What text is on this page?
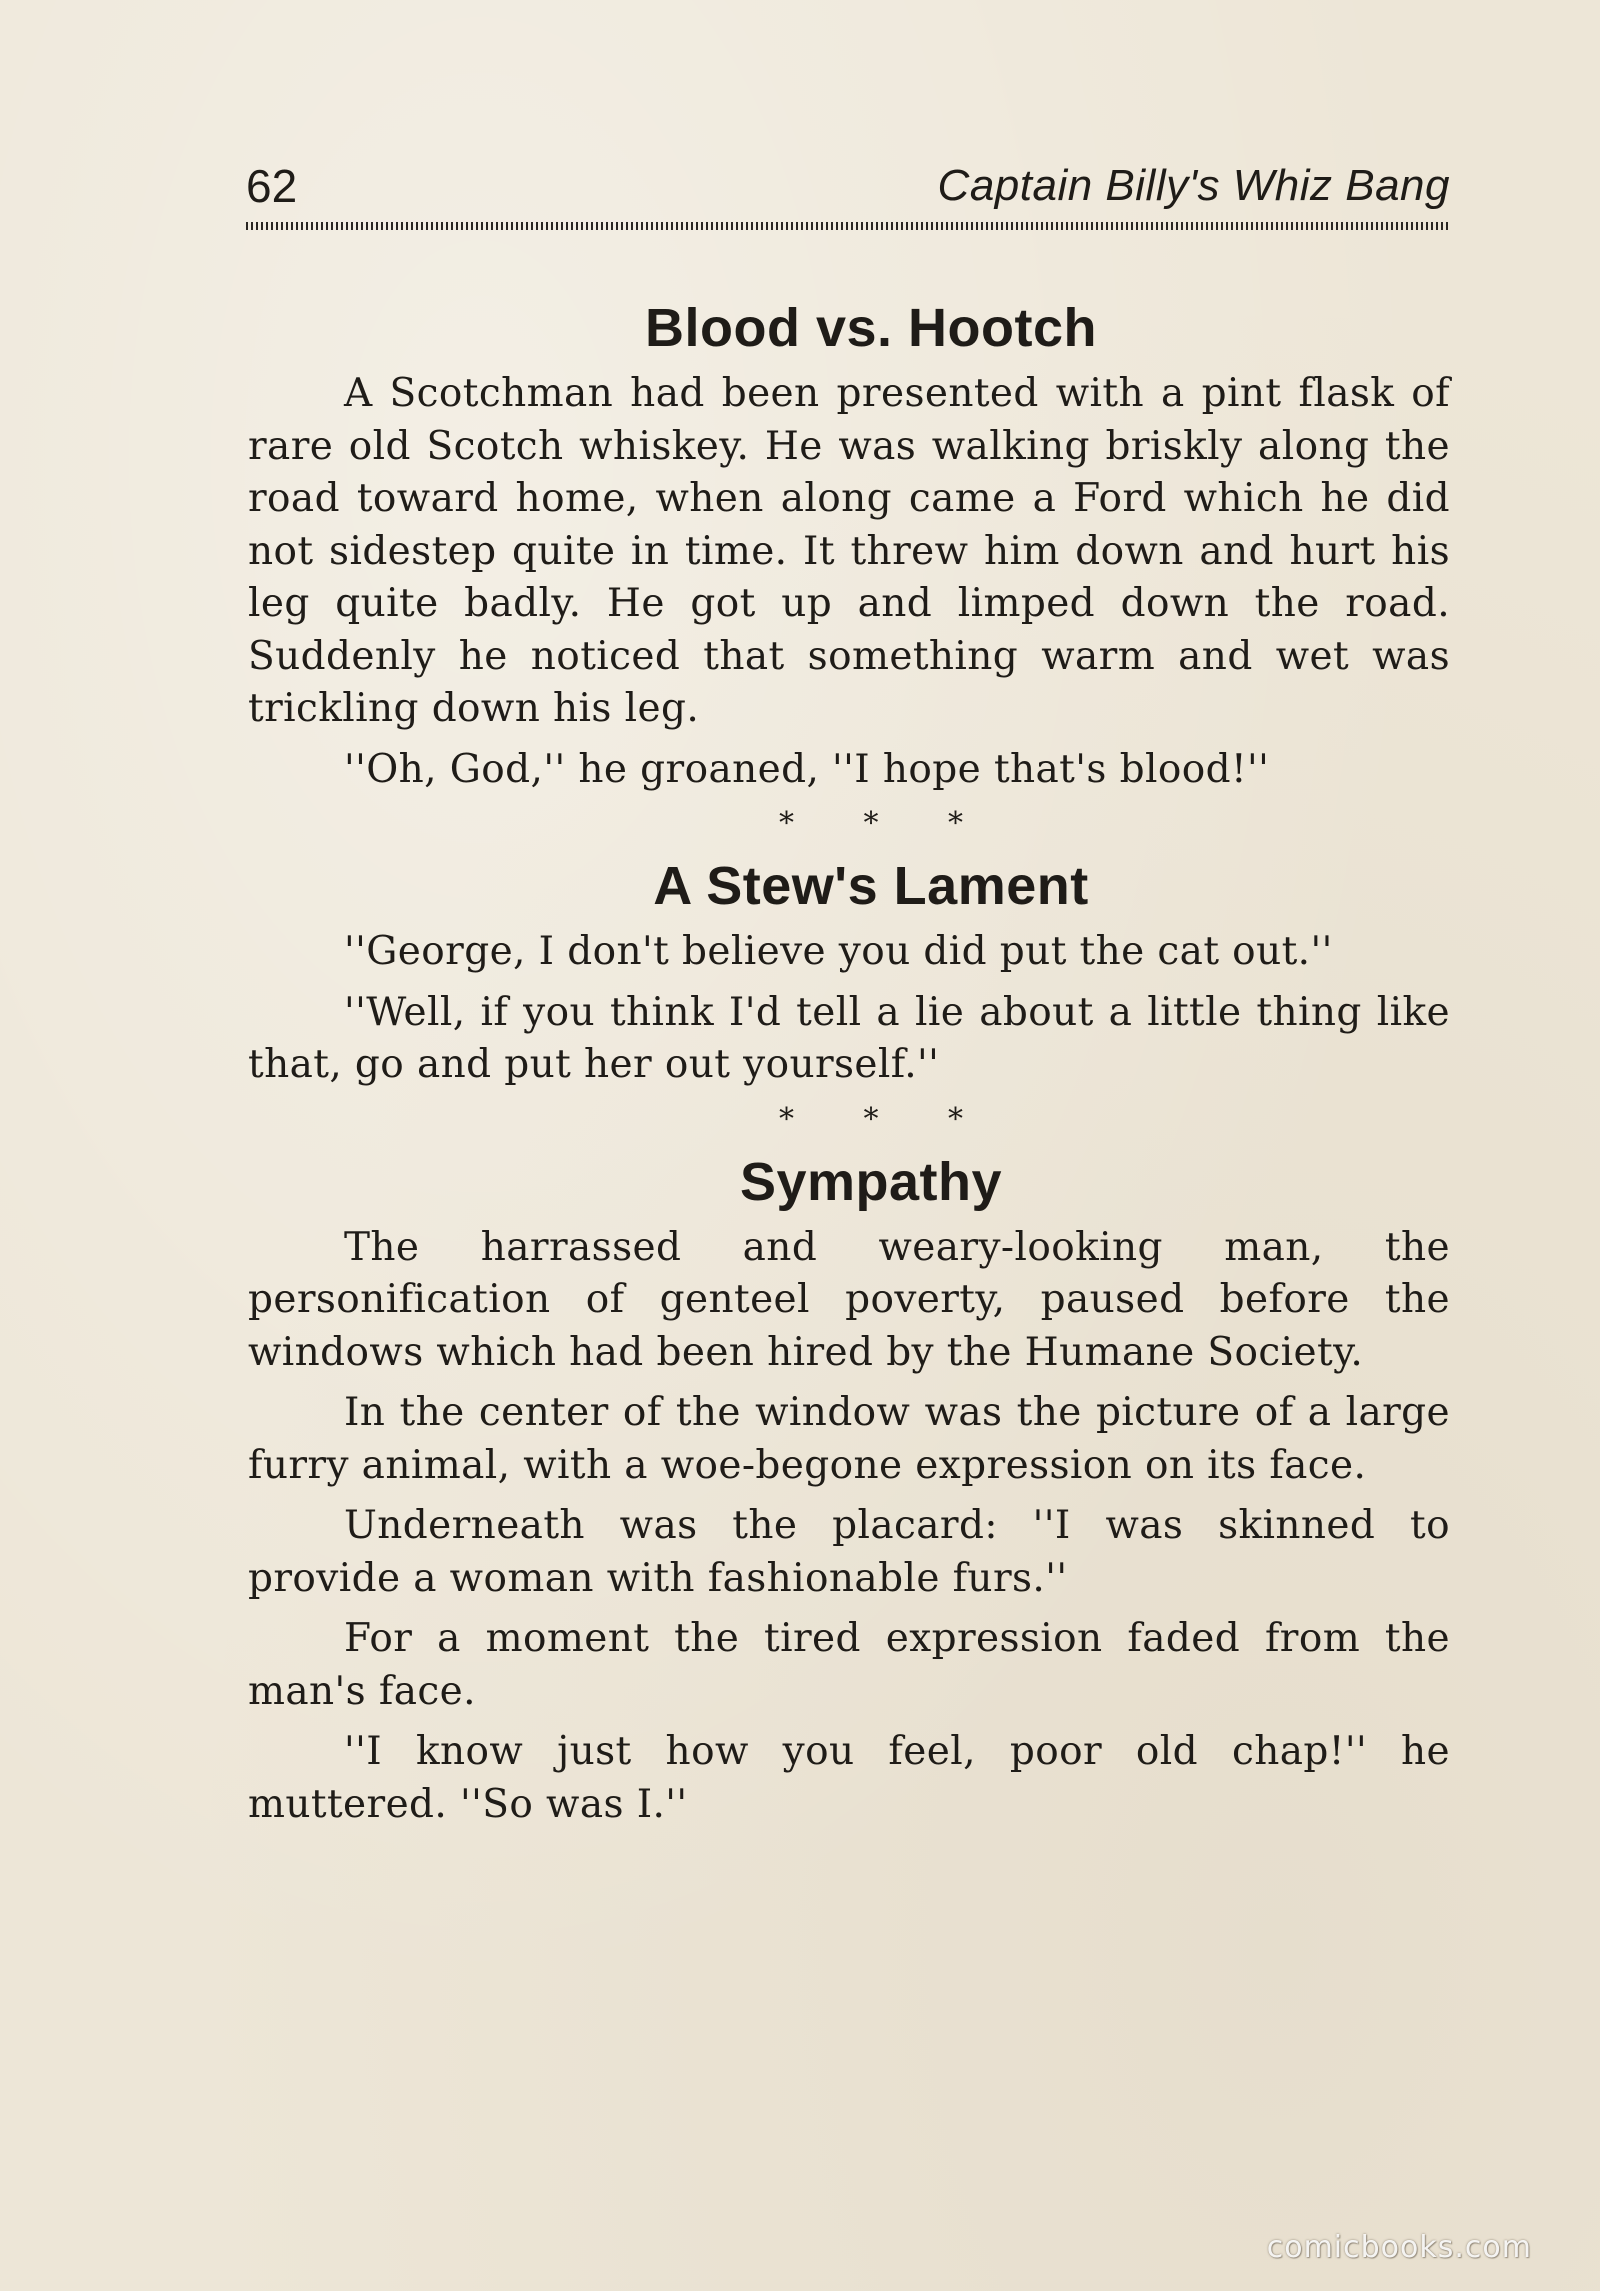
62	Captain Billy's Whiz Bang
Blood vs. Hootch

A Scotchman had been presented with a pint flask of rare old Scotch whiskey. He was walking briskly along the road toward home, when along came a Ford which he did not sidestep quite in time. It threw him down and hurt his leg quite badly. He got up and limped down the road. Suddenly he noticed that something warm and wet was trickling down his leg.

''Oh, God,'' he groaned, ''I hope that's blood!''

* * *
A Stew's Lament

''George, I don't believe you did put the cat out.''

''Well, if you think I'd tell a lie about a little thing like that, go and put her out yourself.''

* * *
Sympathy

The harrassed and weary-looking man, the personification of genteel poverty, paused before the windows which had been hired by the Humane Society.

In the center of the window was the picture of a large furry animal, with a woe-begone expression on its face.

Underneath was the placard: ''I was skinned to provide a woman with fashionable furs.''

For a moment the tired expression faded from the man's face.

''I know just how you feel, poor old chap!'' he muttered. ''So was I.''

comicbooks.com
